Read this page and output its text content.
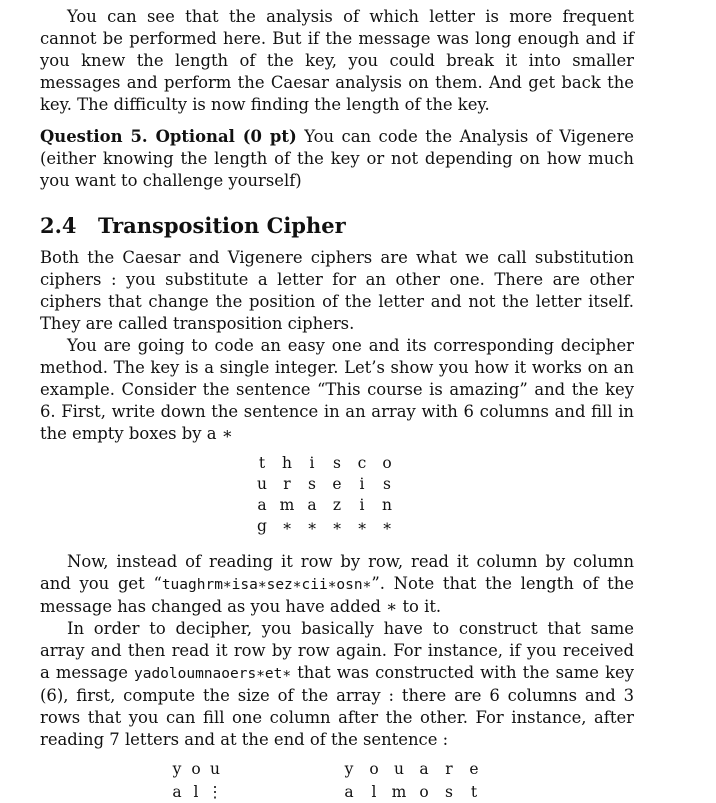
You can see that the analysis of which letter is more frequent cannot be performed here. But if the message was long enough and if you knew the length of the key, you could break it into smaller messages and perform the Caesar analysis on them. And get back the key. The difficulty is now finding the length of the key.

Question 5. Optional (0 pt) You can code the Analysis of Vigenere (either knowing the length of the key or not depending on how much you want to challenge yourself)

2.4 Transposition Cipher

Both the Caesar and Vigenere ciphers are what we call substitution ciphers : you substitute a letter for an other one. There are other ciphers that change the position of the letter and not the letter itself. They are called transposition ciphers.

You are going to code an easy one and its corresponding decipher method. The key is a single integer. Let’s show you how it works on an example. Consider the sentence “This course is amazing” and the key 6. First, write down the sentence in an array with 6 columns and fill in the empty boxes by a ∗

Now, instead of reading it row by row, read it column by column and you get “tuaghrm∗isa∗sez∗cii∗osn∗”. Note that the length of the message has changed as you have added ∗ to it.

In order to decipher, you basically have to construct that same array and then read it row by row again. For instance, if you received a message yadoloumnaoers∗et∗ that was constructed with the same key (6), first, compute the size of the array : there are 6 columns and 3 rows that you can fill one column after the other. For instance, after reading 7 letters and at the end of the sentence :

t	h	i	s	c	o
u	r	s	e	i	s
a m a	z	i	n
g ∗ ∗ ∗ ∗ ∗
y o u
a l ⋮
y	o u a	r	e
a	l m o	s	t
